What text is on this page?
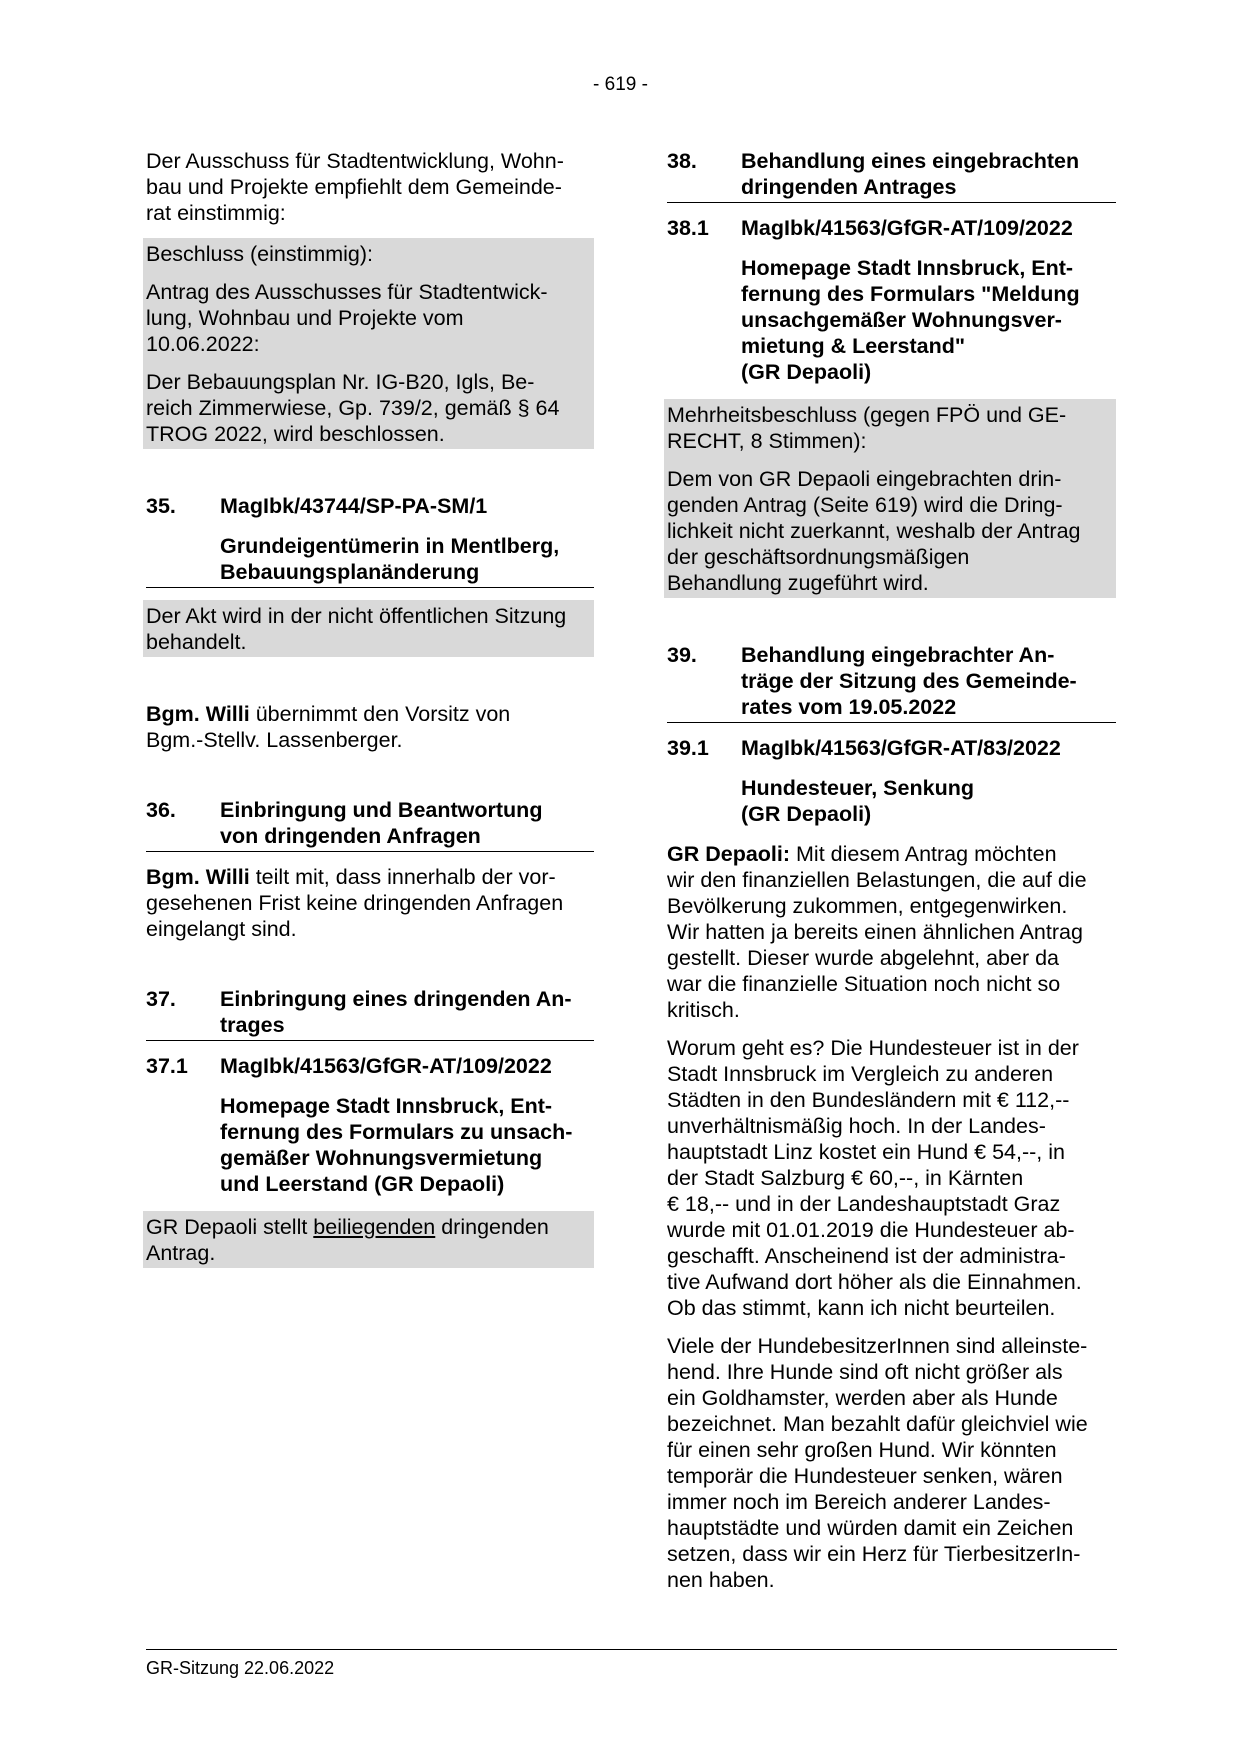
- 619 -

Der Ausschuss für Stadtentwicklung, Wohn-

bau und Projekte empfiehlt dem Gemeinde-

rat einstimmig:

Beschluss (einstimmig):

Antrag des Ausschusses für Stadtentwick-
lung, Wohnbau und Projekte vom
10.06.2022:

Der Bebauungsplan Nr. IG-B20, Igls, Be-
reich Zimmerwiese, Gp. 739/2, gemäß § 64
TROG 2022, wird beschlossen.

35.	MagIbk/43744/SP-PA-SM/1

Grundeigentümerin in Mentlberg,

Bebauungsplanänderung

Der Akt wird in der nicht öffentlichen Sitzung
behandelt.

Bgm. Willi übernimmt den Vorsitz von
Bgm.-Stellv. Lassenberger.

36.	Einbringung und Beantwortung
von dringenden Anfragen

Bgm. Willi teilt mit, dass innerhalb der vor-
gesehenen Frist keine dringenden Anfragen
eingelangt sind.

37.	Einbringung eines dringenden An-
trages
37.1	MagIbk/41563/GfGR-AT/109/2022

Homepage Stadt Innsbruck, Ent-

fernung des Formulars zu unsach-

gemäßer Wohnungsvermietung

und Leerstand (GR Depaoli)

GR Depaoli stellt beiliegenden dringenden
Antrag.

38.	Behandlung eines eingebrachten
dringenden Antrages
38.1	MagIbk/41563/GfGR-AT/109/2022

Homepage Stadt Innsbruck, Ent-

fernung des Formulars "Meldung

unsachgemäßer Wohnungsver-

mietung & Leerstand"

(GR Depaoli)

Mehrheitsbeschluss (gegen FPÖ und GE-
RECHT, 8 Stimmen):

Dem von GR Depaoli eingebrachten drin-
genden Antrag (Seite 619) wird die Dring-
lichkeit nicht zuerkannt, weshalb der Antrag
der geschäftsordnungsmäßigen
Behandlung zugeführt wird.

39.	Behandlung eingebrachter An-
träge der Sitzung des Gemeinde-
rates vom 19.05.2022
39.1	MagIbk/41563/GfGR-AT/83/2022

Hundesteuer, Senkung

(GR Depaoli)

GR Depaoli: Mit diesem Antrag möchten
wir den finanziellen Belastungen, die auf die
Bevölkerung zukommen, entgegenwirken.
Wir hatten ja bereits einen ähnlichen Antrag
gestellt. Dieser wurde abgelehnt, aber da
war die finanzielle Situation noch nicht so
kritisch.

Worum geht es? Die Hundesteuer ist in der
Stadt Innsbruck im Vergleich zu anderen
Städten in den Bundesländern mit € 112,--
unverhältnismäßig hoch. In der Landes-
hauptstadt Linz kostet ein Hund € 54,--, in
der Stadt Salzburg € 60,--, in Kärnten
€ 18,-- und in der Landeshauptstadt Graz
wurde mit 01.01.2019 die Hundesteuer ab-
geschafft. Anscheinend ist der administra-
tive Aufwand dort höher als die Einnahmen.
Ob das stimmt, kann ich nicht beurteilen.

Viele der HundebesitzerInnen sind alleinste-
hend. Ihre Hunde sind oft nicht größer als
ein Goldhamster, werden aber als Hunde
bezeichnet. Man bezahlt dafür gleichviel wie
für einen sehr großen Hund. Wir könnten
temporär die Hundesteuer senken, wären
immer noch im Bereich anderer Landes-
hauptstädte und würden damit ein Zeichen
setzen, dass wir ein Herz für TierbesitzerIn-
nen haben.

GR-Sitzung 22.06.2022
